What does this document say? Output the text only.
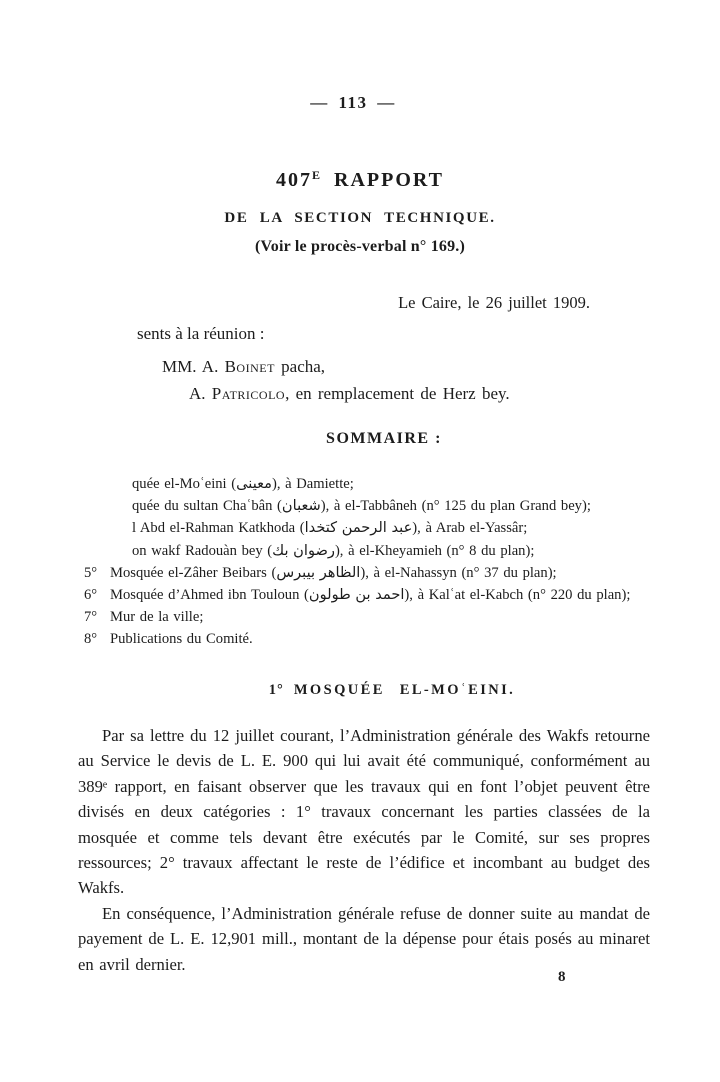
— 113 —
$407^E$ RAPPORT
DE LA SECTION TECHNIQUE.
(Voir le procès-verbal n° 169.)
Le Caire, le 26 juillet 1909.
sents à la réunion :
MM. A. Boinet pacha,
A. Patricolo, en remplacement de Herz bey.
SOMMAIRE :
quée el-Moʿeini (معينى), à Damiette;
quée du sultan Chaʿbân (شعبان), à el-Tabbâneh (n° 125 du plan Grand bey);
l Abd el-Rahman Katkhoda (عبد الرحمن كتخدا), à Arab el-Yassâr;
on wakf Radouàn bey (رضوان بك), à el-Kheyamieh (n° 8 du plan);
5° Mosquée el-Zâher Beibars (الظاهر بيبرس), à el-Nahassyn (n° 37 du plan);
6° Mosquée d’Ahmed ibn Touloun (احمد بن طولون), à Kalʿat el-Kabch (n° 220 du plan);
7° Mur de la ville;
8° Publications du Comité.
1° MOSQUÉE EL-MOʿEINI.

Par sa lettre du 12 juillet courant, l’Administration générale des Wakfs retourne au Service le devis de L. E. 900 qui lui avait été communiqué, conformément au 389ᵉ rapport, en faisant observer que les travaux qui en font l’objet peuvent être divisés en deux catégories : 1° travaux concernant les parties classées de la mosquée et comme tels devant être exécutés par le Comité, sur ses propres ressources; 2° travaux affectant le reste de l’édifice et incombant au budget des Wakfs.

En conséquence, l’Administration générale refuse de donner suite au mandat de payement de L. E. 12,901 mill., montant de la dépense pour étais posés au minaret en avril dernier.

8
